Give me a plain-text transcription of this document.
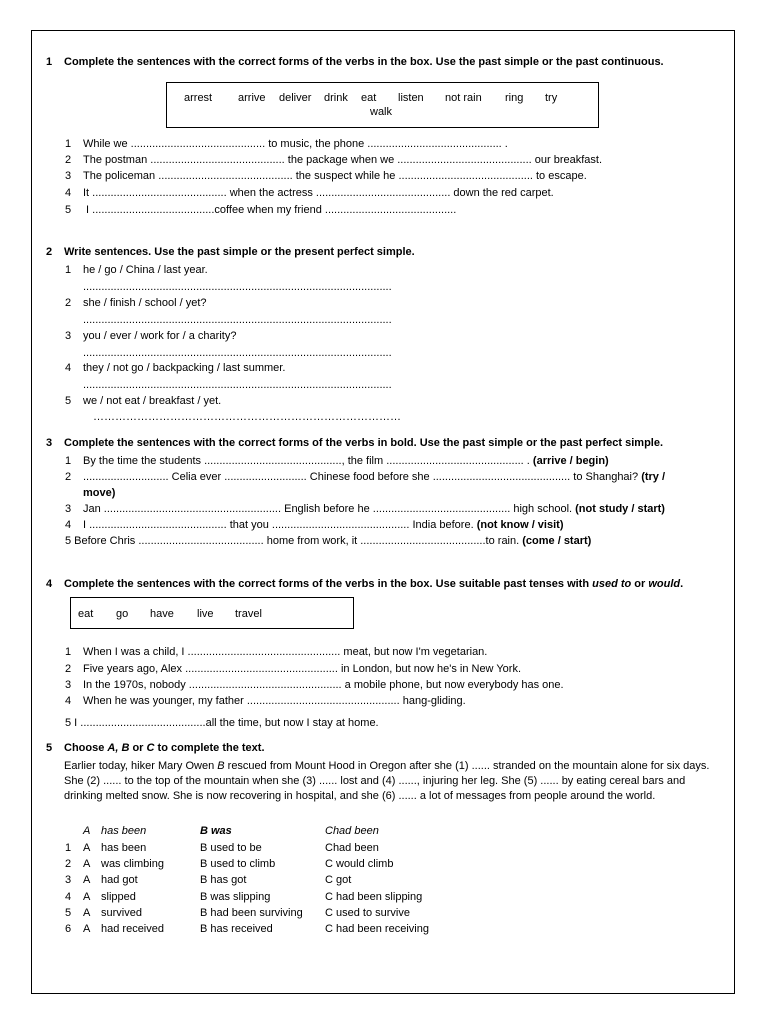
1 Complete the sentences with the correct forms of the verbs in the box. Use the past simple or the past continuous.
arrest arrive deliver drink eat listen not rain ring try
walk
1 While we ............................................ to music, the phone ............................................ .
2 The postman ............................................ the package when we ............................................ our breakfast.
3 The policeman ............................................ the suspect while he ............................................ to escape.
4 It ............................................ when the actress ............................................ down the red carpet.
5 I ........................................coffee when my friend ...........................................
2 Write sentences. Use the past simple or the present perfect simple.
1 he / go / China / last year.
.....................................................................................................
2 she / finish / school / yet?
.....................................................................................................
3 you / ever / work for / a charity?
.....................................................................................................
4 they / not go / backpacking / last summer.
.....................................................................................................
5 we / not eat / breakfast / yet.
…………………………………………………………………………
3 Complete the sentences with the correct forms of the verbs in bold. Use the past simple or the past perfect simple.
1 By the time the students ............................................., the film ............................................. . (arrive / begin)
2 ............................ Celia ever ........................... Chinese food before she ............................................. to Shanghai? (try /
move)
3 Jan .......................................................... English before he ............................................. high school. (not study / start)
4 I ............................................. that you ............................................. India before. (not know / visit)
5 Before Chris ......................................... home from work, it .........................................to rain. (come / start)
4 Complete the sentences with the correct forms of the verbs in the box. Use suitable past tenses with used to or would.
eat go have live travel
1 When I was a child, I .................................................. meat, but now I'm vegetarian.
2 Five years ago, Alex .................................................. in London, but now he's in New York.
3 In the 1970s, nobody .................................................. a mobile phone, but now everybody has one.
4 When he was younger, my father .................................................. hang-gliding.
5 I .........................................all the time, but now I stay at home.
5 Choose A, B or C to complete the text.
Earlier today, hiker Mary Owen B rescued from Mount Hood in Oregon after she (1) ...... stranded on the mountain alone for six days. She (2) ...... to the top of the mountain when she (3) ...... lost and (4) ......, injuring her leg. She (5) ...... by eating cereal bars and drinking melted snow. She is now recovering in hospital, and she (6) ...... a lot of messages from people around the world.
A has been	B was	Chad been
1 A has been	B used to be	Chad been
2 A was climbing	B used to climb	C would climb
3 A had got	B has got	C got
4 A slipped	B was slipping	C had been slipping
5 A survived	B had been surviving C used to survive
6 A had received	B has received	C had been receiving
